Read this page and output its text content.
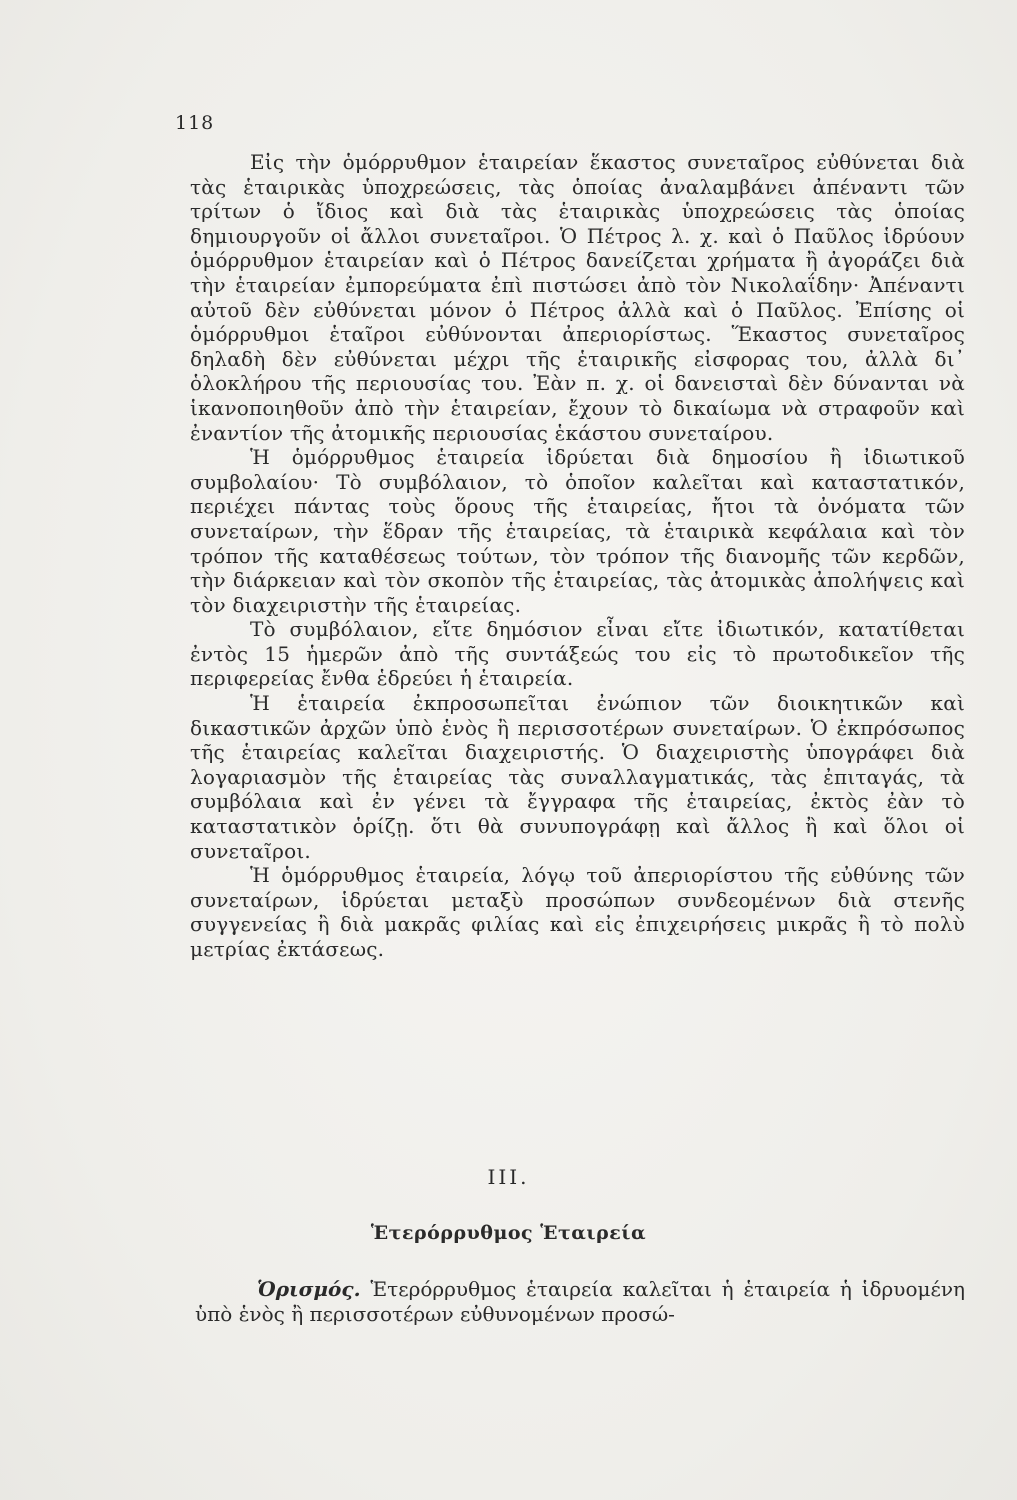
118

Εἰς τὴν ὁμόρρυθμον ἑταιρείαν ἕκαστος συνεταῖρος εὐθύνεται διὰ τὰς ἑταιρικὰς ὑποχρεώσεις, τὰς ὁποίας ἀναλαμβάνει ἀπέναντι τῶν τρίτων ὁ ἴδιος καὶ διὰ τὰς ἑταιρικὰς ὑποχρεώσεις τὰς ὁποίας δημιουργοῦν οἱ ἄλλοι συνεταῖροι. Ὁ Πέτρος λ. χ. καὶ ὁ Παῦλος ἱδρύουν ὁμόρρυθμον ἑταιρείαν καὶ ὁ Πέτρος δανείζεται χρήματα ἢ ἀγοράζει διὰ τὴν ἑταιρείαν ἐμπορεύματα ἐπὶ πιστώσει ἀπὸ τὸν Νικολαΐδην· Ἀπέναντι αὐτοῦ δὲν εὐθύνεται μόνον ὁ Πέτρος ἀλλὰ καὶ ὁ Παῦλος. Ἐπίσης οἱ ὁμόρρυθμοι ἑταῖροι εὐθύνονται ἀπεριορίστως. Ἕκαστος συνεταῖρος δηλαδὴ δὲν εὐθύνεται μέχρι τῆς ἑταιρικῆς εἰσφορας του, ἀλλὰ δι᾽ ὁλοκλήρου τῆς περιουσίας του. Ἐὰν π. χ. οἱ δανεισταὶ δὲν δύνανται νὰ ἱκανοποιηθοῦν ἀπὸ τὴν ἑταιρείαν, ἔχουν τὸ δικαίωμα νὰ στραφοῦν καὶ ἐναντίον τῆς ἀτομικῆς περιουσίας ἑκάστου συνεταίρου.

Ἡ ὁμόρρυθμος ἑταιρεία ἱδρύεται διὰ δημοσίου ἢ ἰδιωτικοῦ συμβολαίου· Τὸ συμβόλαιον, τὸ ὁποῖον καλεῖται καὶ καταστατικόν, περιέχει πάντας τοὺς ὅρους τῆς ἑταιρείας, ἤτοι τὰ ὀνόματα τῶν συνεταίρων, τὴν ἕδραν τῆς ἑταιρείας, τὰ ἑταιρικὰ κεφάλαια καὶ τὸν τρόπον τῆς καταθέσεως τούτων, τὸν τρόπον τῆς διανομῆς τῶν κερδῶν, τὴν διάρκειαν καὶ τὸν σκοπὸν τῆς ἑταιρείας, τὰς ἀτομικὰς ἀπολήψεις καὶ τὸν διαχειριστὴν τῆς ἑταιρείας.

Τὸ συμβόλαιον, εἴτε δημόσιον εἶναι εἴτε ἰδιωτικόν, κατατίθεται ἐντὸς 15 ἡμερῶν ἀπὸ τῆς συντάξεώς του εἰς τὸ πρωτοδικεῖον τῆς περιφερείας ἔνθα ἑδρεύει ἡ ἑταιρεία.

Ἡ ἑταιρεία ἐκπροσωπεῖται ἐνώπιον τῶν διοικητικῶν καὶ δικαστικῶν ἀρχῶν ὑπὸ ἑνὸς ἢ περισσοτέρων συνεταίρων. Ὁ ἐκπρόσωπος τῆς ἑταιρείας καλεῖται διαχειριστής. Ὁ διαχειριστὴς ὑπογράφει διὰ λογαριασμὸν τῆς ἑταιρείας τὰς συναλλαγματικάς, τὰς ἐπιταγάς, τὰ συμβόλαια καὶ ἐν γένει τὰ ἔγγραφα τῆς ἑταιρείας, ἐκτὸς ἐὰν τὸ καταστατικὸν ὁρίζῃ. ὅτι θὰ συνυπογράφῃ καὶ ἄλλος ἢ καὶ ὅλοι οἱ συνεταῖροι.

Ἡ ὁμόρρυθμος ἑταιρεία, λόγῳ τοῦ ἀπεριορίστου τῆς εὐθύνης τῶν συνεταίρων, ἱδρύεται μεταξὺ προσώπων συνδεομένων διὰ στενῆς συγγενείας ἢ διὰ μακρᾶς φιλίας καὶ εἰς ἐπιχειρήσεις μικρᾶς ἢ τὸ πολὺ μετρίας ἐκτάσεως.

III.
Ἑτερόρρυθμος Ἑταιρεία

Ὁρισμός. Ἑτερόρρυθμος ἑταιρεία καλεῖται ἡ ἑταιρεία ἡ ἱδρυομένη ὑπὸ ἑνὸς ἢ περισσοτέρων εὐθυνομένων προσώ-
